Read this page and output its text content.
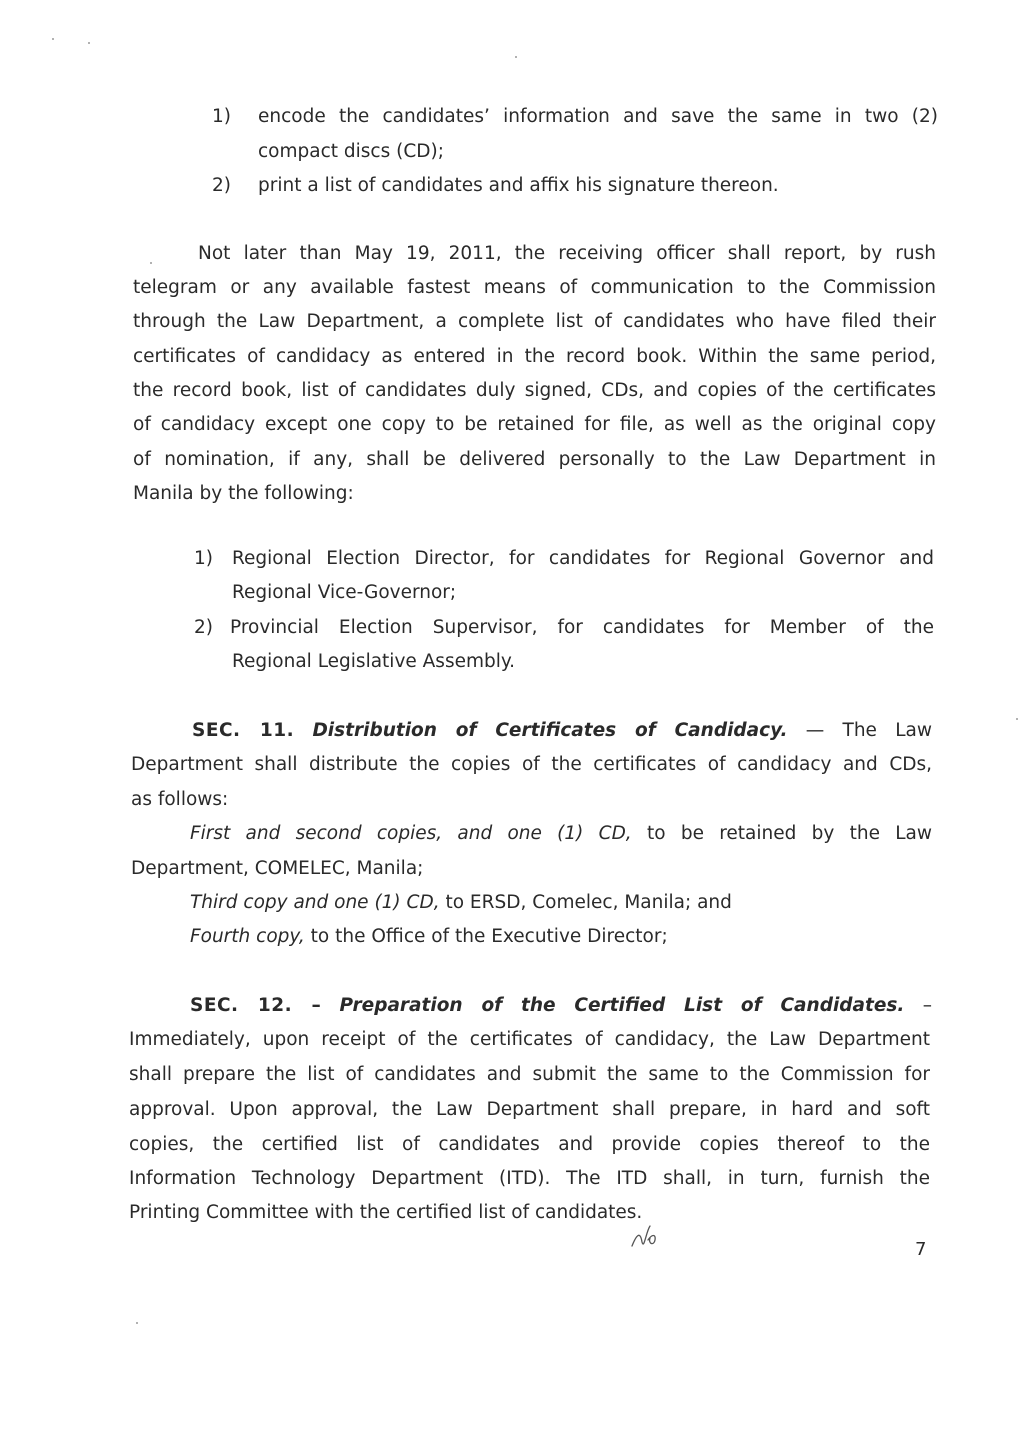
1) encode the candidates’ information and save the same in two (2)
compact discs (CD);
2) print a list of candidates and affix his signature thereon.
Not later than May 19, 2011, the receiving officer shall report, by rush
telegram or any available fastest means of communication to the Commission
through the Law Department, a complete list of candidates who have filed their
certificates of candidacy as entered in the record book. Within the same period,
the record book, list of candidates duly signed, CDs, and copies of the certificates
of candidacy except one copy to be retained for file, as well as the original copy
of nomination, if any, shall be delivered personally to the Law Department in
Manila by the following:
1) Regional Election Director, for candidates for Regional Governor and
Regional Vice-Governor;
2) Provincial Election Supervisor, for candidates for Member of the
Regional Legislative Assembly.
SEC. 11. Distribution of Certificates of Candidacy. — The Law
Department shall distribute the copies of the certificates of candidacy and CDs,
as follows:
First and second copies, and one (1) CD, to be retained by the Law
Department, COMELEC, Manila;
Third copy and one (1) CD, to ERSD, Comelec, Manila; and
Fourth copy, to the Office of the Executive Director;
SEC. 12. – Preparation of the Certified List of Candidates. –
Immediately, upon receipt of the certificates of candidacy, the Law Department
shall prepare the list of candidates and submit the same to the Commission for
approval. Upon approval, the Law Department shall prepare, in hard and soft
copies, the certified list of candidates and provide copies thereof to the
Information Technology Department (ITD). The ITD shall, in turn, furnish the
Printing Committee with the certified list of candidates.
7
